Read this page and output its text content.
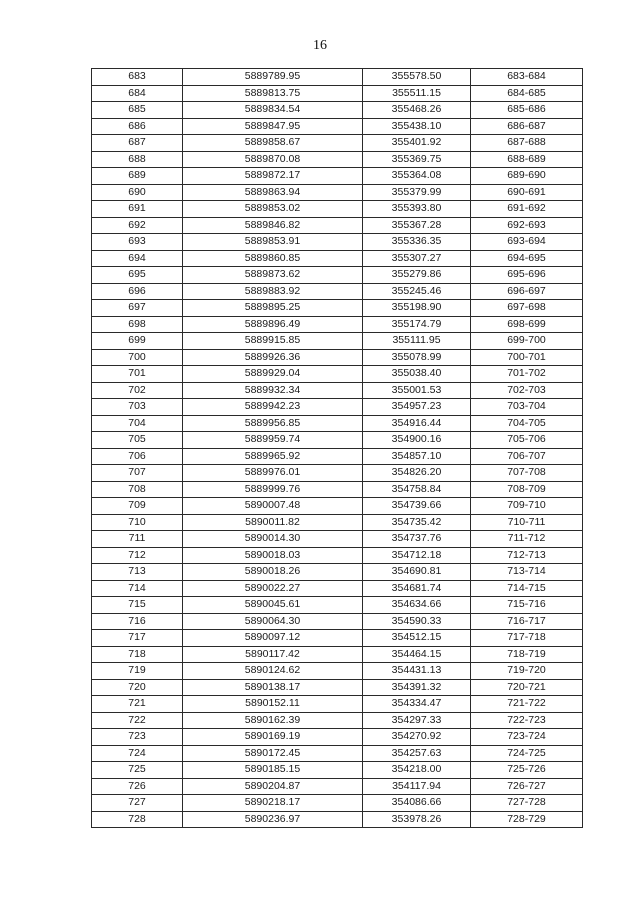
16
683	5889789.95	355578.50	683-684
684	5889813.75	355511.15	684-685
685	5889834.54	355468.26	685-686
686	5889847.95	355438.10	686-687
687	5889858.67	355401.92	687-688
688	5889870.08	355369.75	688-689
689	5889872.17	355364.08	689-690
690	5889863.94	355379.99	690-691
691	5889853.02	355393.80	691-692
692	5889846.82	355367.28	692-693
693	5889853.91	355336.35	693-694
694	5889860.85	355307.27	694-695
695	5889873.62	355279.86	695-696
696	5889883.92	355245.46	696-697
697	5889895.25	355198.90	697-698
698	5889896.49	355174.79	698-699
699	5889915.85	355111.95	699-700
700	5889926.36	355078.99	700-701
701	5889929.04	355038.40	701-702
702	5889932.34	355001.53	702-703
703	5889942.23	354957.23	703-704
704	5889956.85	354916.44	704-705
705	5889959.74	354900.16	705-706
706	5889965.92	354857.10	706-707
707	5889976.01	354826.20	707-708
708	5889999.76	354758.84	708-709
709	5890007.48	354739.66	709-710
710	5890011.82	354735.42	710-711
711	5890014.30	354737.76	711-712
712	5890018.03	354712.18	712-713
713	5890018.26	354690.81	713-714
714	5890022.27	354681.74	714-715
715	5890045.61	354634.66	715-716
716	5890064.30	354590.33	716-717
717	5890097.12	354512.15	717-718
718	5890117.42	354464.15	718-719
719	5890124.62	354431.13	719-720
720	5890138.17	354391.32	720-721
721	5890152.11	354334.47	721-722
722	5890162.39	354297.33	722-723
723	5890169.19	354270.92	723-724
724	5890172.45	354257.63	724-725
725	5890185.15	354218.00	725-726
726	5890204.87	354117.94	726-727
727	5890218.17	354086.66	727-728
728	5890236.97	353978.26	728-729
